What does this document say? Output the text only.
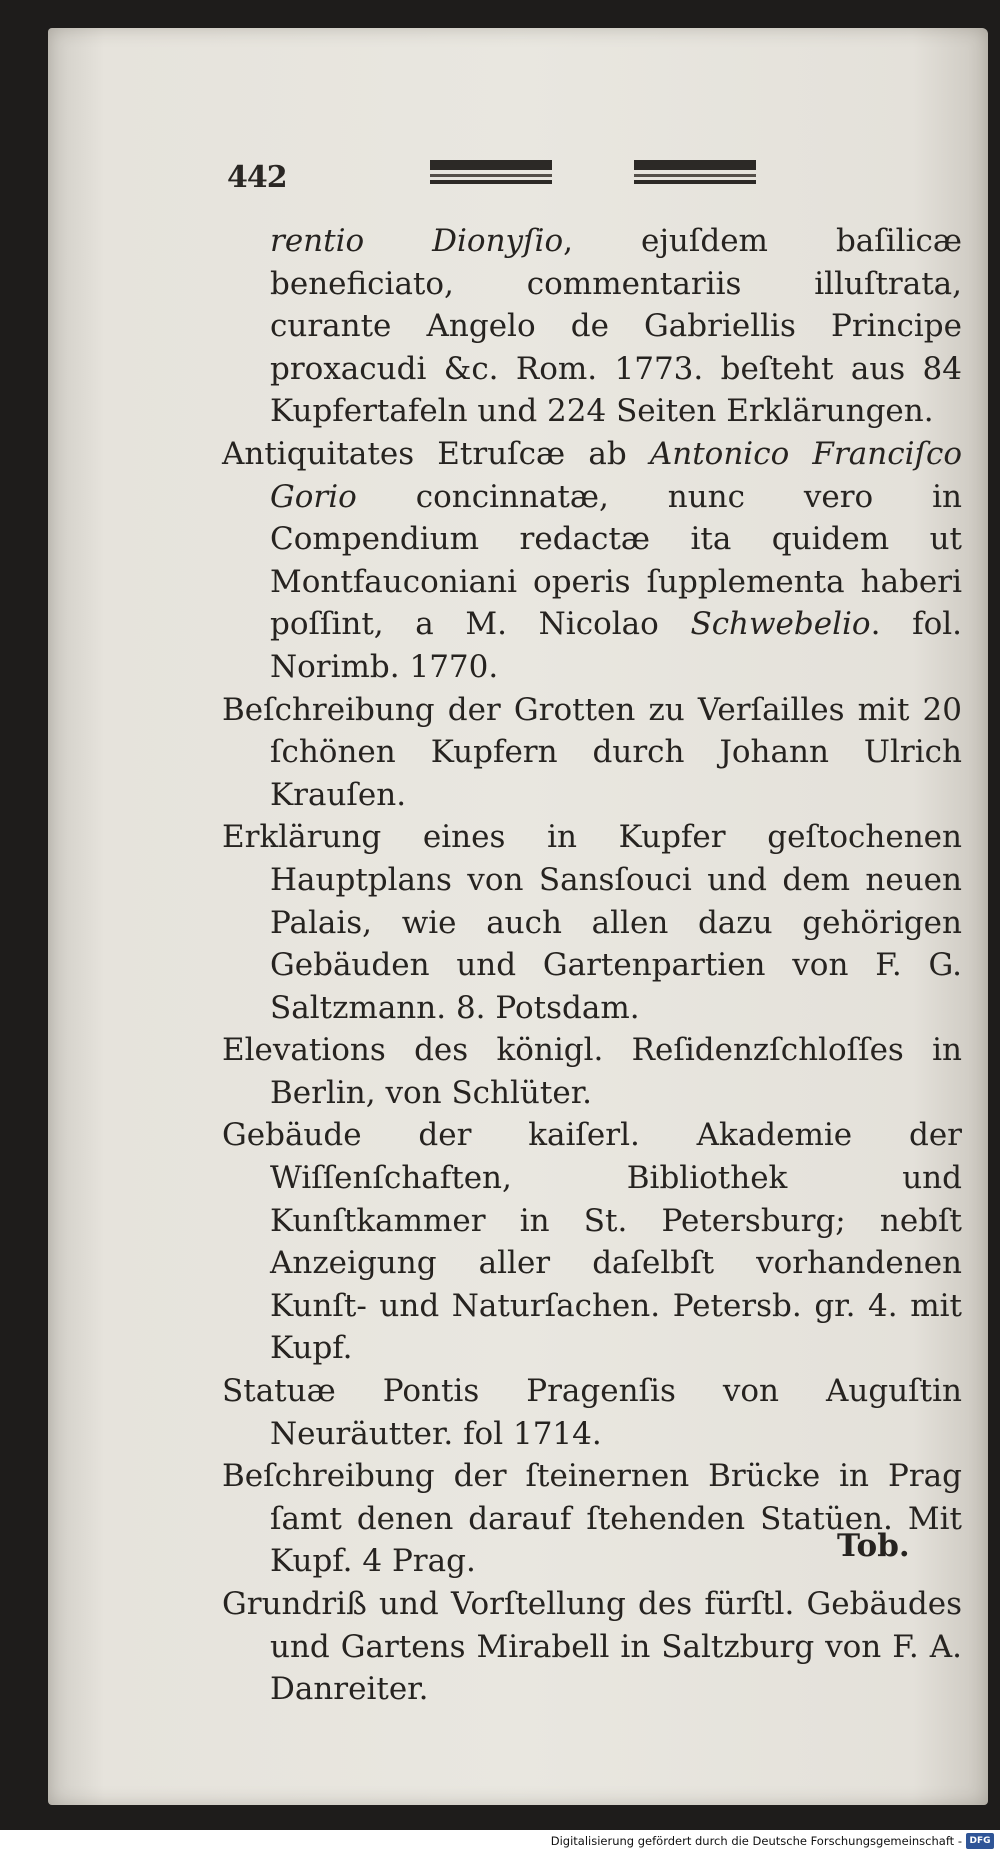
442

rentio Dionyſio, ejuſdem baſilicæ beneficiato, commentariis illuſtrata, curante Angelo de Gabriellis Principe proxacudi &c. Rom. 1773. beſteht aus 84 Kupfertafeln und 224 Seiten Erklärungen.

Antiquitates Etruſcæ ab Antonico Franciſco Gorio concinnatæ, nunc vero in Compendium redactæ ita quidem ut Montfauconiani operis ſupplementa haberi poſſint, a M. Nicolao Schwebelio. fol. Norimb. 1770.

Beſchreibung der Grotten zu Verſailles mit 20 ſchönen Kupfern durch Johann Ulrich Krauſen.

Erklärung eines in Kupfer geſtochenen Hauptplans von Sansſouci und dem neuen Palais, wie auch allen dazu gehörigen Gebäuden und Gartenpartien von F. G. Saltzmann. 8. Potsdam.

Elevations des königl. Reſidenzſchloſſes in Berlin, von Schlüter.

Gebäude der kaiſerl. Akademie der Wiſſenſchaften, Bibliothek und Kunſtkammer in St. Petersburg; nebſt Anzeigung aller daſelbſt vorhandenen Kunſt- und Naturſachen. Petersb. gr. 4. mit Kupf.

Statuæ Pontis Pragenſis von Auguſtin Neuräutter. fol 1714.

Beſchreibung der ſteinernen Brücke in Prag ſamt denen darauf ſtehenden Statüen. Mit Kupf. 4 Prag.

Grundriß und Vorſtellung des fürſtl. Gebäudes und Gartens Mirabell in Saltzburg von F. A. Danreiter.

Tob.
Digitalisierung gefördert durch die Deutsche Forschungsgemeinschaft - DFG
